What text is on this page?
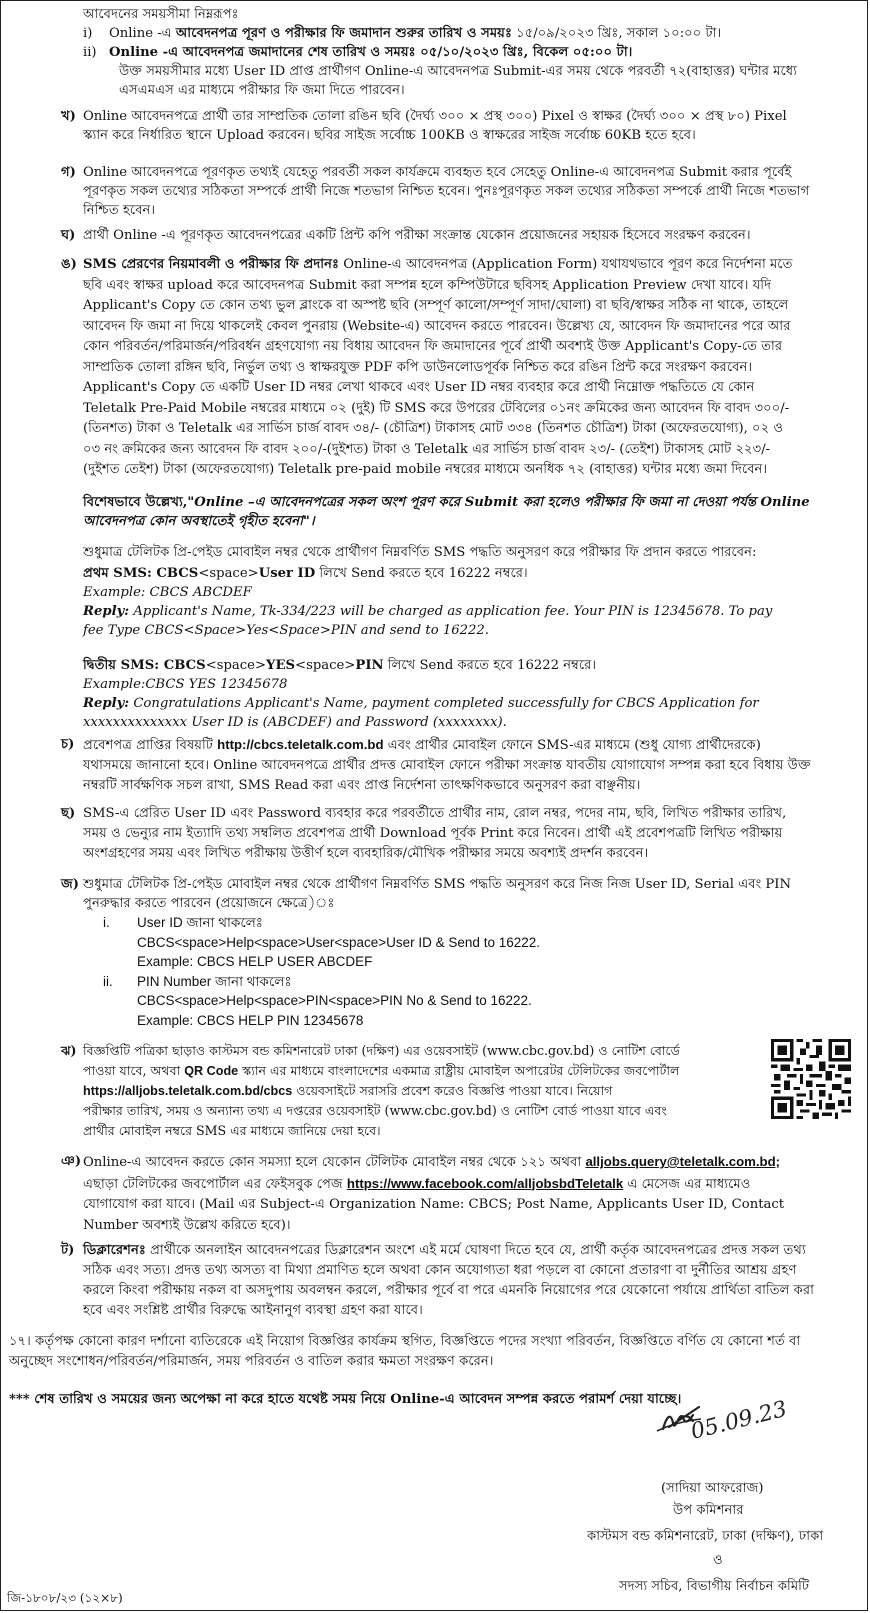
আবেদনের সময়সীমা নিম্নরূপঃ

i) Online -এ আবেদনপত্র পূরণ ও পরীক্ষার ফি জমাদান শুরুর তারিখ ও সময়ঃ ১৫/০৯/২০২৩ খ্রিঃ, সকাল ১০:০০ টা।

ii) Online -এ আবেদনপত্র জমাদানের শেষ তারিখ ও সময়ঃ ০৫/১০/২০২৩ খ্রিঃ, বিকেল ০৫:০০ টা।

উক্ত সময়সীমার মধ্যে User ID প্রাপ্ত প্রার্থীগণ Online-এ আবেদনপত্র Submit-এর সময় থেকে পরবর্তী ৭২(বাহাত্তর) ঘন্টার মধ্যে

এসএমএস এর মাধ্যমে পরীক্ষার ফি জমা দিতে পারবেন।

খ) Online আবেদনপত্রে প্রার্থী তার সাম্প্রতিক তোলা রঙিন ছবি (দৈর্ঘ্য ৩০০ × প্রস্থ ৩০০) Pixel ও স্বাক্ষর (দৈর্ঘ্য ৩০০ × প্রস্থ ৮০) Pixel

স্ক্যান করে নির্ধারিত স্থানে Upload করবেন। ছবির সাইজ সর্বোচ্চ 100KB ও স্বাক্ষরের সাইজ সর্বোচ্চ 60KB হতে হবে।

গ) Online আবেদনপত্রে পূরণকৃত তথ্যই যেহেতু পরবর্তী সকল কার্যক্রমে ব্যবহৃত হবে সেহেতু Online-এ আবেদনপত্র Submit করার পূর্বেই

পূরণকৃত সকল তথ্যের সঠিকতা সম্পর্কে প্রার্থী নিজে শতভাগ নিশ্চিত হবেন। পুনঃপূরণকৃত সকল তথ্যের সঠিকতা সম্পর্কে প্রার্থী নিজে শতভাগ

নিশ্চিত হবেন।

ঘ) প্রার্থী Online -এ পূরণকৃত আবেদনপত্রের একটি প্রিন্ট কপি পরীক্ষা সংক্রান্ত যেকোন প্রয়োজনের সহায়ক হিসেবে সংরক্ষণ করবেন।

ঙ) SMS প্রেরণের নিয়মাবলী ও পরীক্ষার ফি প্রদানঃ Online-এ আবেদনপত্র (Application Form) যথাযথভাবে পূরণ করে নির্দেশনা মতে

ছবি এবং স্বাক্ষর upload করে আবেদনপত্র Submit করা সম্পন্ন হলে কম্পিউটারে ছবিসহ Application Preview দেখা যাবে। যদি

Applicant's Copy তে কোন তথ্য ভুল ব্লাংকে বা অস্পষ্ট ছবি (সম্পূর্ণ কালো/সম্পূর্ণ সাদা/ঘোলা) বা ছবি/স্বাক্ষর সঠিক না থাকে, তাহলে

আবেদন ফি জমা না দিয়ে থাকলেই কেবল পুনরায় (Website-এ) আবেদন করতে পারবেন। উল্লেখ্য যে, আবেদন ফি জমাদানের পরে আর

কোন পরিবর্তন/পরিমার্জন/পরিবর্ধন গ্রহণযোগ্য নয় বিধায় আবেদন ফি জমাদানের পূর্বে প্রার্থী অবশ্যই উক্ত Applicant's Copy-তে তার

সাম্প্রতিক তোলা রঙ্গিন ছবি, নির্ভুল তথ্য ও স্বাক্ষরযুক্ত PDF কপি ডাউনলোডপূর্বক নিশ্চিত করে রঙিন প্রিন্ট করে সংরক্ষণ করবেন।

Applicant's Copy তে একটি User ID নম্বর লেখা থাকবে এবং User ID নম্বর ব্যবহার করে প্রার্থী নিম্নোক্ত পদ্ধতিতে যে কোন

Teletalk Pre-Paid Mobile নম্বরের মাধ্যমে ০২ (দুই) টি SMS করে উপরের টেবিলের ০১নং ক্রমিকের জন্য আবেদন ফি বাবদ ৩০০/-

(তিনশত) টাকা ও Teletalk এর সার্ভিস চার্জ বাবদ ৩৪/- (চৌত্রিশ) টাকাসহ মোট ৩৩৪ (তিনশত চৌত্রিশ) টাকা (অফেরতযোগ্য), ০২ ও

০৩ নং ক্রমিকের জন্য আবেদন ফি বাবদ ২০০/-(দুইশত) টাকা ও Teletalk এর সার্ভিস চার্জ বাবদ ২৩/- (তেইশ) টাকাসহ মোট ২২৩/-

(দুইশত তেইশ) টাকা (অফেরতযোগ্য) Teletalk pre-paid mobile নম্বরের মাধ্যমে অনধিক ৭২ (বাহাত্তর) ঘন্টার মধ্যে জমা দিবেন।

বিশেষভাবে উল্লেখ্য,"Online –এ আবেদনপত্রের সকল অংশ পূরণ করে Submit করা হলেও পরীক্ষার ফি জমা না দেওয়া পর্যন্ত Online

আবেদনপত্র কোন অবস্থাতেই গৃহীত হবেনা"।

শুধুমাত্র টেলিটক প্রি-পেইড মোবাইল নম্বর থেকে প্রার্থীগণ নিম্নবর্ণিত SMS পদ্ধতি অনুসরণ করে পরীক্ষার ফি প্রদান করতে পারবেন:

প্রথম SMS: CBCS<space>User ID লিখে Send করতে হবে 16222 নম্বরে।

Example: CBCS ABCDEF

Reply: Applicant's Name, Tk-334/223 will be charged as application fee. Your PIN is 12345678. To pay

fee Type CBCS<Space>Yes<Space>PIN and send to 16222.

দ্বিতীয় SMS: CBCS<space>YES<space>PIN লিখে Send করতে হবে 16222 নম্বরে।

Example:CBCS YES 12345678

Reply: Congratulations Applicant's Name, payment completed successfully for CBCS Application for

xxxxxxxxxxxxxx User ID is (ABCDEF) and Password (xxxxxxxx).

চ) প্রবেশপত্র প্রাপ্তির বিষয়টি http://cbcs.teletalk.com.bd এবং প্রার্থীর মোবাইল ফোনে SMS-এর মাধ্যমে (শুধু যোগ্য প্রার্থীদেরকে)

যথাসময়ে জানানো হবে। Online আবেদনপত্রে প্রার্থীর প্রদত্ত মোবাইল ফোনে পরীক্ষা সংক্রান্ত যাবতীয় যোগাযোগ সম্পন্ন করা হবে বিধায় উক্ত

নম্বরটি সার্বক্ষণিক সচল রাখা, SMS Read করা এবং প্রাপ্ত নির্দেশনা তাৎক্ষণিকভাবে অনুসরণ করা বাঞ্ছনীয়।

ছ) SMS-এ প্রেরিত User ID এবং Password ব্যবহার করে পরবর্তীতে প্রার্থীর নাম, রোল নম্বর, পদের নাম, ছবি, লিখিত পরীক্ষার তারিখ,

সময় ও ভেন্যুর নাম ইত্যাদি তথ্য সম্বলিত প্রবেশপত্র প্রার্থী Download পূর্বক Print করে নিবেন। প্রার্থী এই প্রবেশপত্রটি লিখিত পরীক্ষায়

অংশগ্রহণের সময় এবং লিখিত পরীক্ষায় উত্তীর্ণ হলে ব্যবহারিক/মৌখিক পরীক্ষার সময়ে অবশ্যই প্রদর্শন করবেন।

জ) শুধুমাত্র টেলিটক প্রি-পেইড মোবাইল নম্বর থেকে প্রার্থীগণ নিম্নবর্ণিত SMS পদ্ধতি অনুসরণ করে নিজ নিজ User ID, Serial এবং PIN

পুনরুদ্ধার করতে পারবেন (প্রয়োজনে ক্ষেত্রে)ঃ

i. User ID জানা থাকলেঃ

CBCS<space>Help<space>User<space>User ID & Send to 16222.

Example: CBCS HELP USER ABCDEF

ii. PIN Number জানা থাকলেঃ

CBCS<space>Help<space>PIN<space>PIN No & Send to 16222.

Example: CBCS HELP PIN 12345678

ঝ) বিজ্ঞপ্তিটি পত্রিকা ছাড়াও কাস্টমস বন্ড কমিশনারেট ঢাকা (দক্ষিণ) এর ওয়েবসাইট (www.cbc.gov.bd) ও নোটিশ বোর্ডে

পাওয়া যাবে, অথবা QR Code স্ক্যান এর মাধ্যমে বাংলাদেশের একমাত্র রাষ্ট্রীয় মোবাইল অপারেটর টেলিটকের জবপোর্টাল

https://alljobs.teletalk.com.bd/cbcs ওয়েবসাইটে সরাসরি প্রবেশ করেও বিজ্ঞপ্তি পাওয়া যাবে। নিয়োগ

পরীক্ষার তারিখ, সময় ও অন্যান্য তথ্য এ দপ্তরের ওয়েবসাইট (www.cbc.gov.bd) ও নোটিশ বোর্ড পাওয়া যাবে এবং

প্রার্থীর মোবাইল নম্বরে SMS এর মাধ্যমে জানিয়ে দেয়া হবে।

ঞ) Online-এ আবেদন করতে কোন সমস্যা হলে যেকোন টেলিটক মোবাইল নম্বর থেকে ১২১ অথবা alljobs.query@teletalk.com.bd;

এছাড়া টেলিটকের জবপোর্টাল এর ফেইসবুক পেজ https://www.facebook.com/alljobsbdTeletalk এ মেসেজ এর মাধ্যমেও

যোগাযোগ করা যাবে। (Mail এর Subject-এ Organization Name: CBCS; Post Name, Applicants User ID, Contact

Number অবশ্যই উল্লেখ করিতে হবে)।

ট) ডিক্লারেশনঃ প্রার্থীকে অনলাইন আবেদনপত্রের ডিক্লারেশন অংশে এই মর্মে ঘোষণা দিতে হবে যে, প্রার্থী কর্তৃক আবেদনপত্রের প্রদত্ত সকল তথ্য

সঠিক এবং সত্য। প্রদত্ত তথ্য অসত্য বা মিথ্যা প্রমাণিত হলে অথবা কোন অযোগ্যতা ধরা পড়লে বা কোনো প্রতারণা বা দুর্নীতির আশ্রয় গ্রহণ

করলে কিংবা পরীক্ষায় নকল বা অসদুপায় অবলম্বন করলে, পরীক্ষার পূর্বে বা পরে এমনকি নিয়োগের পরে যেকোনো পর্যায়ে প্রার্থিতা বাতিল করা

হবে এবং সংশ্লিষ্ট প্রার্থীর বিরুদ্ধে আইনানুগ ব্যবস্থা গ্রহণ করা যাবে।

১৭। কর্তৃপক্ষ কোনো কারণ দর্শানো ব্যতিরেকে এই নিয়োগ বিজ্ঞপ্তির কার্যক্রম স্থগিত, বিজ্ঞপ্তিতে পদের সংখ্যা পরিবর্তন, বিজ্ঞপ্তিতে বর্ণিত যে কোনো শর্ত বা

অনুচ্ছেদ সংশোধন/পরিবর্তন/পরিমার্জন, সময় পরিবর্তন ও বাতিল করার ক্ষমতা সংরক্ষণ করেন।

*** শেষ তারিখ ও সময়ের জন্য অপেক্ষা না করে হাতে যথেষ্ট সময় নিয়ে Online-এ আবেদন সম্পন্ন করতে পরামর্শ দেয়া যাচ্ছে। 05.09.23

(সাদিয়া আফরোজ)

উপ কমিশনার

কাস্টমস বন্ড কমিশনারেট, ঢাকা (দক্ষিণ), ঢাকা

ও

সদস্য সচিব, বিভাগীয় নির্বাচন কমিটি

জি-১৮০৮/২৩ (১২×৮)
